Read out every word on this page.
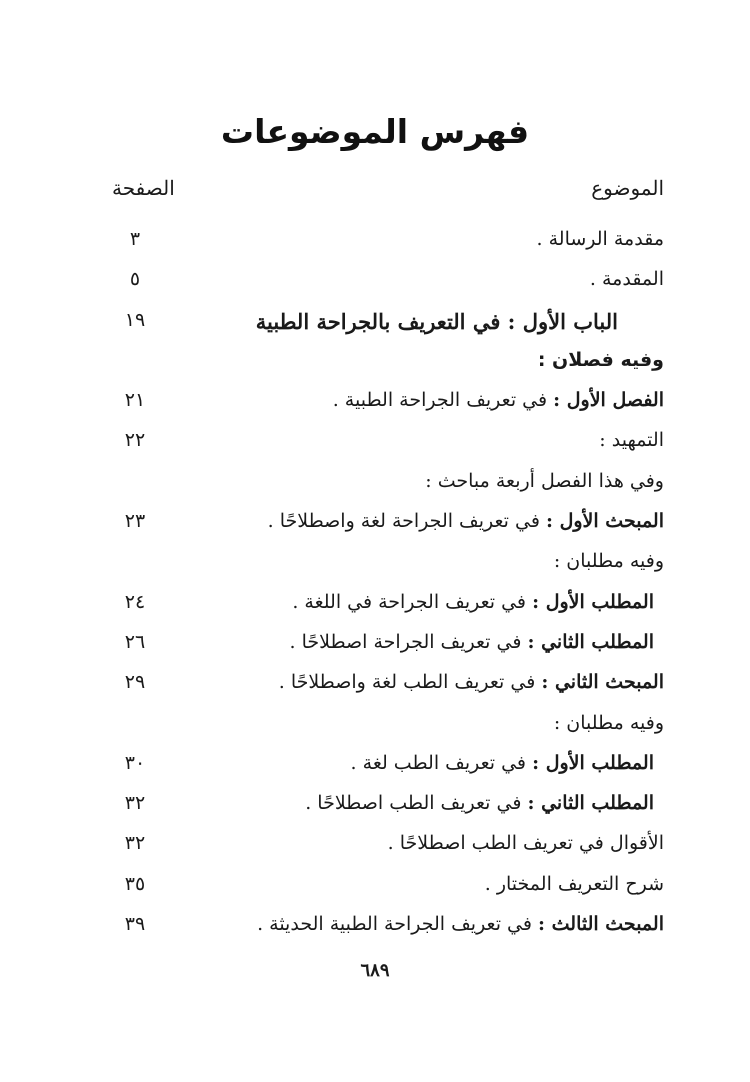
فهرس الموضوعات
الموضوع
الصفحة
مقدمة الرسالة .
٣
المقدمة .
٥
الباب الأول : في التعريف بالجراحة الطبية
١٩
وفيه فصلان :
الفصل الأول : في تعريف الجراحة الطبية .
٢١
التمهيد :
٢٢
وفي هذا الفصل أربعة مباحث :
المبحث الأول : في تعريف الجراحة لغة واصطلاحًا .
٢٣
وفيه مطلبان :
المطلب الأول : في تعريف الجراحة في اللغة .
٢٤
المطلب الثاني : في تعريف الجراحة اصطلاحًا .
٢٦
المبحث الثاني : في تعريف الطب لغة واصطلاحًا .
٢٩
وفيه مطلبان :
المطلب الأول : في تعريف الطب لغة .
٣٠
المطلب الثاني : في تعريف الطب اصطلاحًا .
٣٢
الأقوال في تعريف الطب اصطلاحًا .
٣٢
شرح التعريف المختار .
٣٥
المبحث الثالث : في تعريف الجراحة الطبية الحديثة .
٣٩
٦٨٩
